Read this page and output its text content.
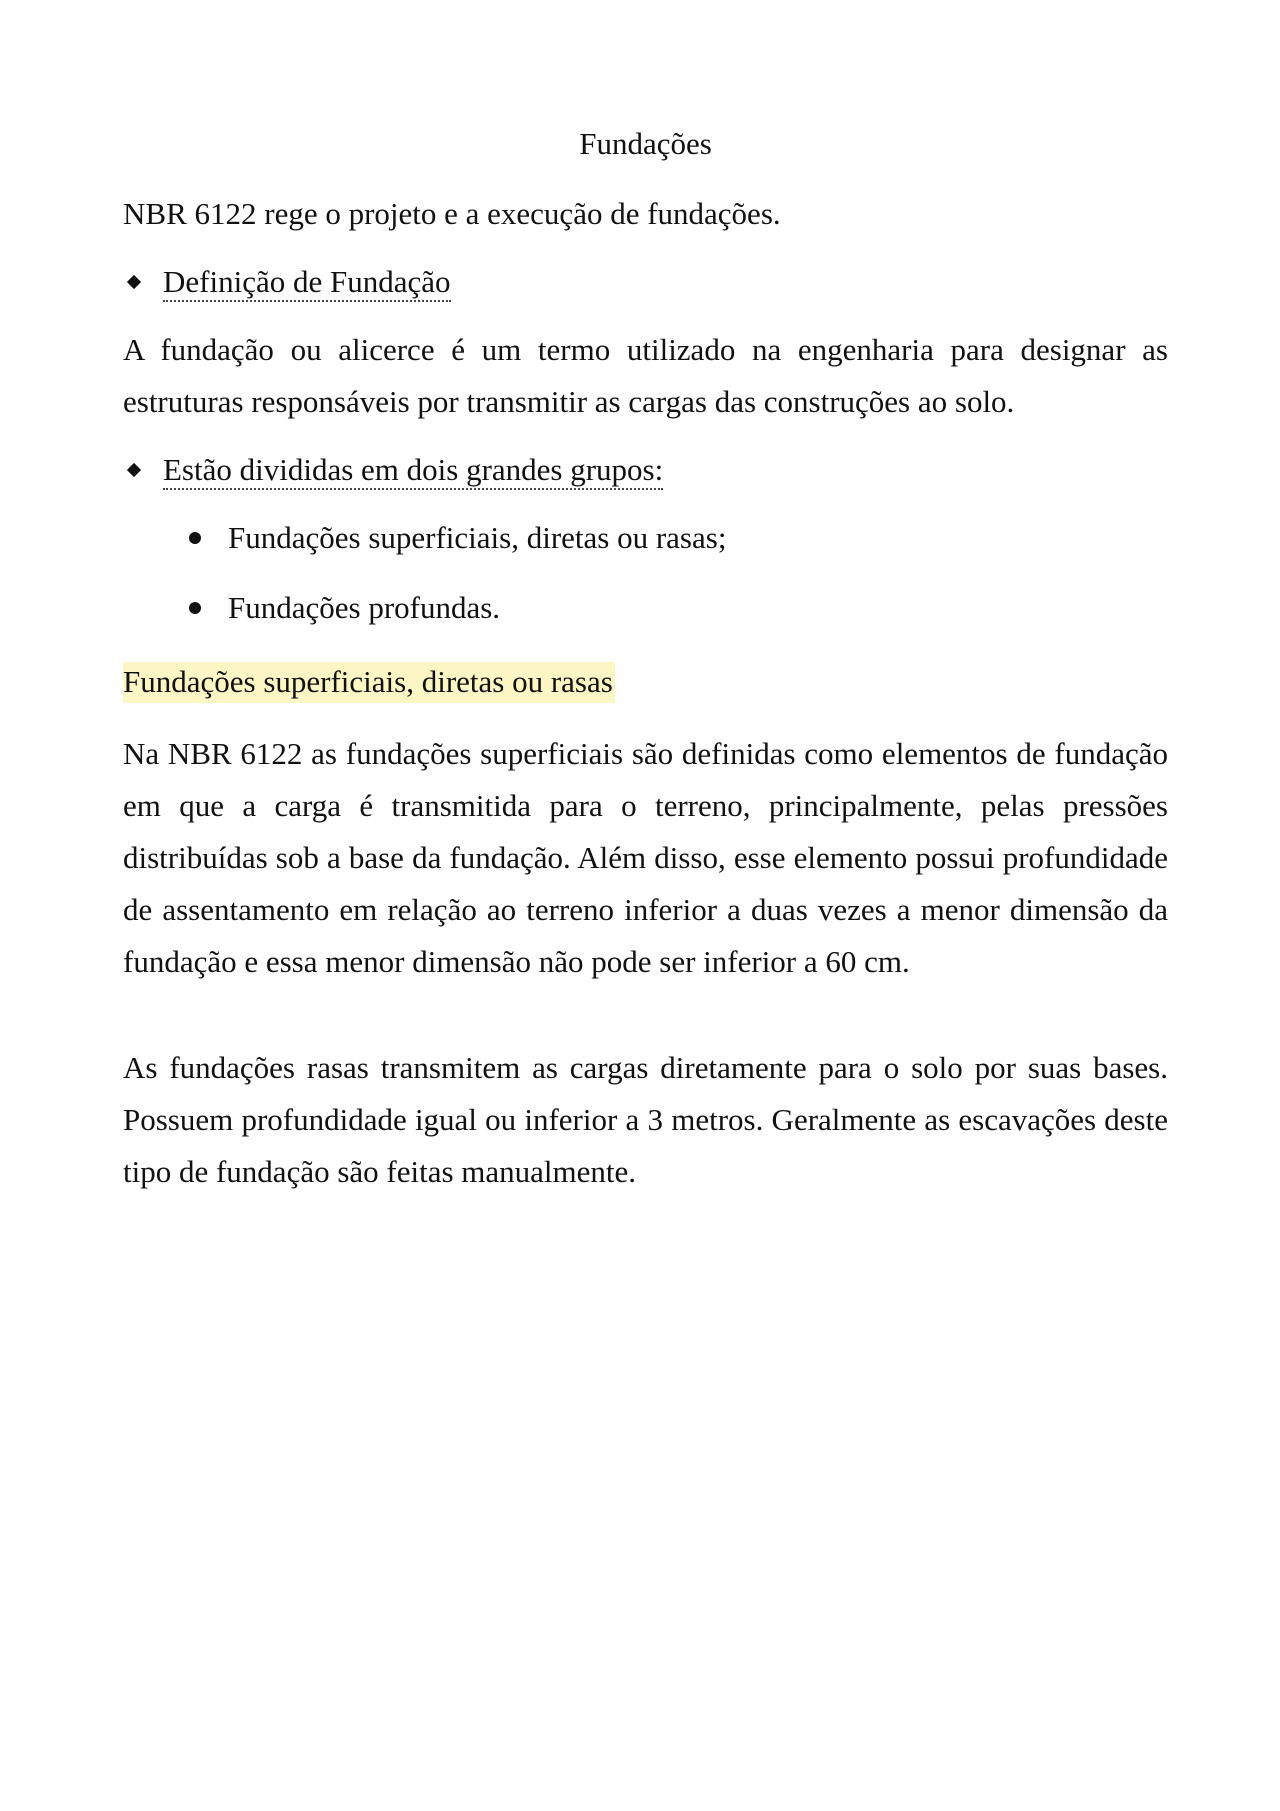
Fundações

NBR 6122 rege o projeto e a execução de fundações.

Definição de Fundação

A fundação ou alicerce é um termo utilizado na engenharia para designar as estruturas responsáveis por transmitir as cargas das construções ao solo.

Estão divididas em dois grandes grupos:
Fundações superficiais, diretas ou rasas;
Fundações profundas.
Fundações superficiais, diretas ou rasas

Na NBR 6122 as fundações superficiais são definidas como elementos de fundação em que a carga é transmitida para o terreno, principalmente, pelas pressões distribuídas sob a base da fundação. Além disso, esse elemento possui profundidade de assentamento em relação ao terreno inferior a duas vezes a menor dimensão da fundação e essa menor dimensão não pode ser inferior a 60 cm.

As fundações rasas transmitem as cargas diretamente para o solo por suas bases. Possuem profundidade igual ou inferior a 3 metros. Geralmente as escavações deste tipo de fundação são feitas manualmente.
